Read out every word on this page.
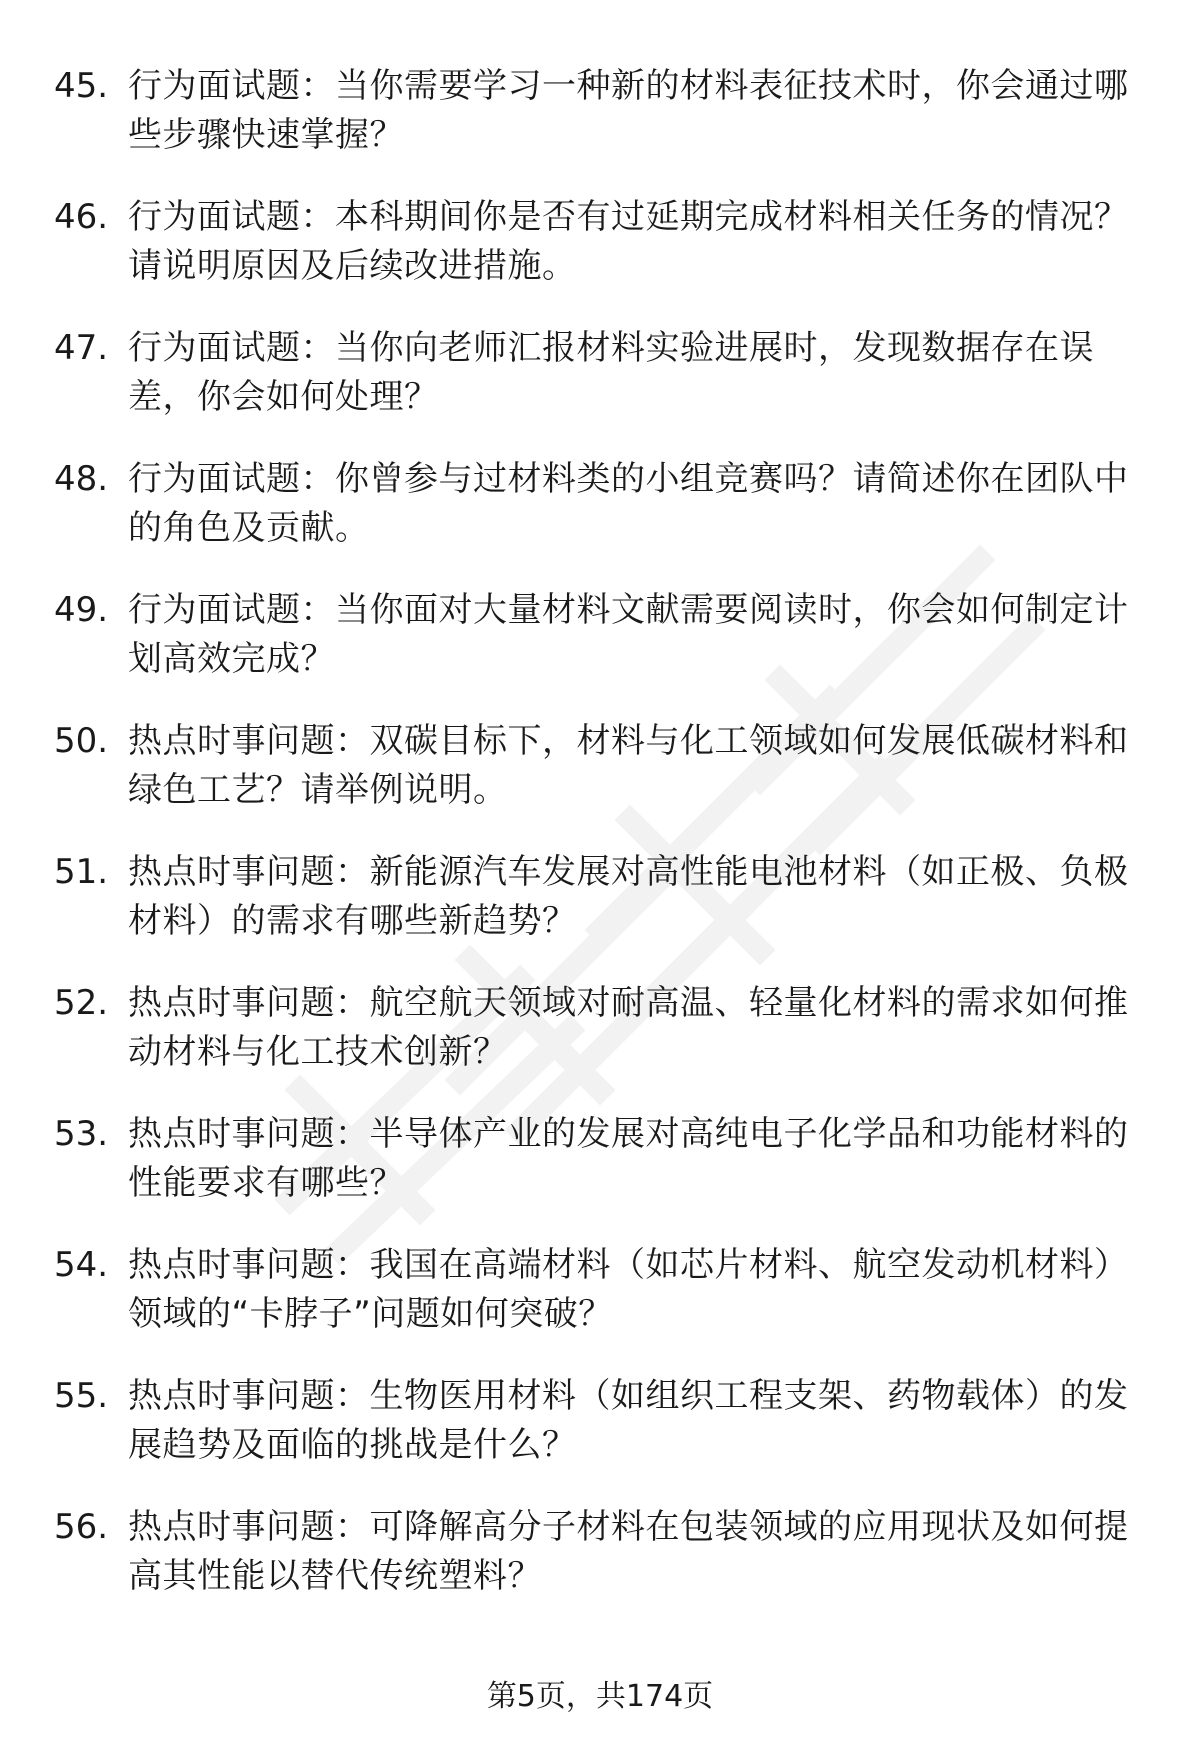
45. 行为面试题：当你需要学习一种新的材料表征技术时，你会通过哪些步骤快速掌握？
46. 行为面试题：本科期间你是否有过延期完成材料相关任务的情况？请说明原因及后续改进措施。
47. 行为面试题：当你向老师汇报材料实验进展时，发现数据存在误差，你会如何处理？
48. 行为面试题：你曾参与过材料类的小组竞赛吗？请简述你在团队中的角色及贡献。
49. 行为面试题：当你面对大量材料文献需要阅读时，你会如何制定计划高效完成？
50. 热点时事问题：双碳目标下，材料与化工领域如何发展低碳材料和绿色工艺？请举例说明。
51. 热点时事问题：新能源汽车发展对高性能电池材料（如正极、负极材料）的需求有哪些新趋势？
52. 热点时事问题：航空航天领域对耐高温、轻量化材料的需求如何推动材料与化工技术创新？
53. 热点时事问题：半导体产业的发展对高纯电子化学品和功能材料的性能要求有哪些？
54. 热点时事问题：我国在高端材料（如芯片材料、航空发动机材料）领域的“卡脖子”问题如何突破？
55. 热点时事问题：生物医用材料（如组织工程支架、药物载体）的发展趋势及面临的挑战是什么？
56. 热点时事问题：可降解高分子材料在包装领域的应用现状及如何提高其性能以替代传统塑料？
第5页，共174页
